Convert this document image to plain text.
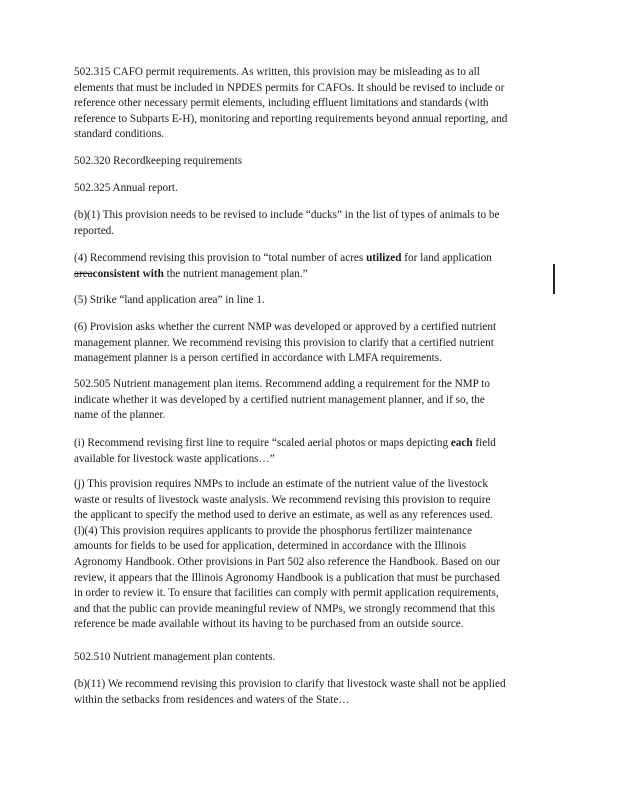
502.315 CAFO permit requirements. As written, this provision may be misleading as to all
elements that must be included in NPDES permits for CAFOs. It should be revised to include or
reference other necessary permit elements, including effluent limitations and standards (with
reference to Subparts E-H), monitoring and reporting requirements beyond annual reporting, and
standard conditions.
502.320 Recordkeeping requirements
502.325 Annual report.
(b)(1) This provision needs to be revised to include “ducks” in the list of types of animals to be
reported.
(4) Recommend revising this provision to “total number of acres utilized for land application
areaconsistent with the nutrient management plan.”
(5) Strike “land application area” in line 1.
(6) Provision asks whether the current NMP was developed or approved by a certified nutrient
management planner. We recommend revising this provision to clarify that a certified nutrient
management planner is a person certified in accordance with LMFA requirements.
502.505 Nutrient management plan items. Recommend adding a requirement for the NMP to
indicate whether it was developed by a certified nutrient management planner, and if so, the
name of the planner.
(i) Recommend revising first line to require “scaled aerial photos or maps depicting each field
available for livestock waste applications…”
(j) This provision requires NMPs to include an estimate of the nutrient value of the livestock
waste or results of livestock waste analysis. We recommend revising this provision to require
the applicant to specify the method used to derive an estimate, as well as any references used.
(l)(4) This provision requires applicants to provide the phosphorus fertilizer maintenance
amounts for fields to be used for application, determined in accordance with the Illinois
Agronomy Handbook. Other provisions in Part 502 also reference the Handbook. Based on our
review, it appears that the Illinois Agronomy Handbook is a publication that must be purchased
in order to review it. To ensure that facilities can comply with permit application requirements,
and that the public can provide meaningful review of NMPs, we strongly recommend that this
reference be made available without its having to be purchased from an outside source.
502.510 Nutrient management plan contents.
(b)(11) We recommend revising this provision to clarify that livestock waste shall not be applied
within the setbacks from residences and waters of the State…
